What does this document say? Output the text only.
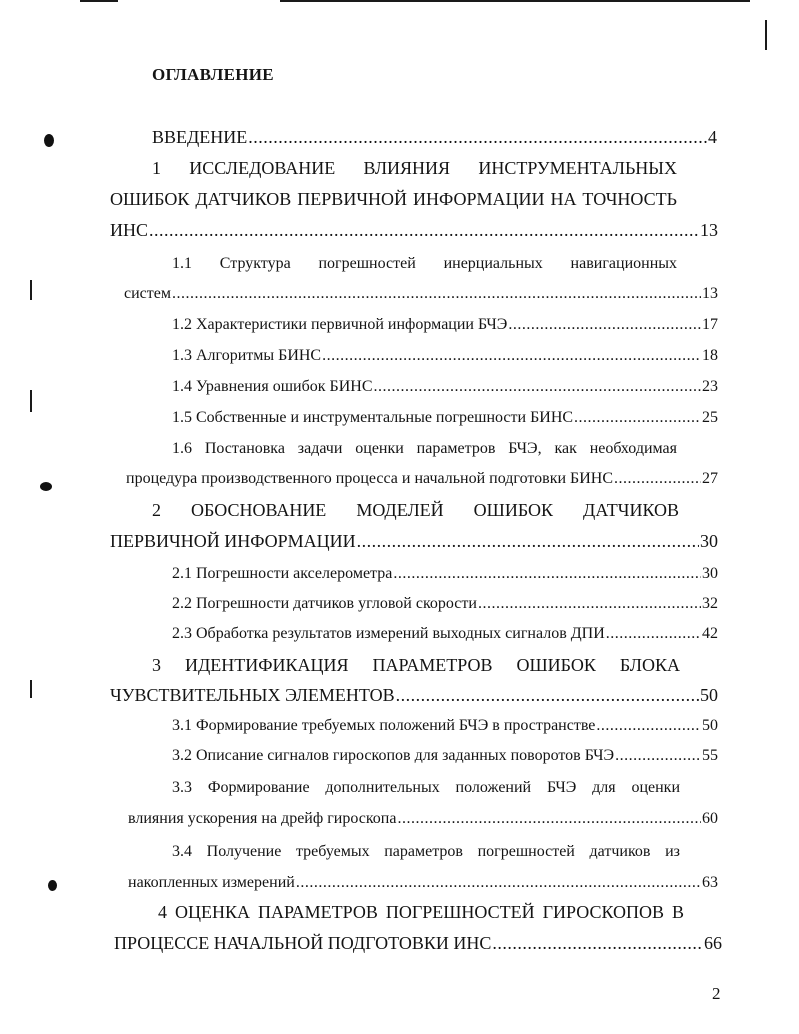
ОГЛАВЛЕНИЕ
ВВЕДЕНИЕ .....	4
1 ИССЛЕДОВАНИЕ ВЛИЯНИЯ ИНСТРУМЕНТАЛЬНЫХ
ОШИБОК ДАТЧИКОВ ПЕРВИЧНОЙ ИНФОРМАЦИИ НА ТОЧНОСТЬ
ИНС .....	13
1.1 Структура погрешностей инерциальных навигационных
систем .....	13
1.2 Характеристики первичной информации БЧЭ .....	17
1.3 Алгоритмы БИНС .....	18
1.4 Уравнения ошибок БИНС .....	23
1.5 Собственные и инструментальные погрешности БИНС .....	25
1.6 Постановка задачи оценки параметров БЧЭ, как необходимая
процедура производственного процесса и начальной подготовки БИНС .....	27
2 ОБОСНОВАНИЕ МОДЕЛЕЙ ОШИБОК ДАТЧИКОВ
ПЕРВИЧНОЙ ИНФОРМАЦИИ .....	30
2.1 Погрешности акселерометра .....	30
2.2 Погрешности датчиков угловой скорости .....	32
2.3 Обработка результатов измерений выходных сигналов ДПИ .....	42
3 ИДЕНТИФИКАЦИЯ ПАРАМЕТРОВ ОШИБОК БЛОКА
ЧУВСТВИТЕЛЬНЫХ ЭЛЕМЕНТОВ .....	50
3.1 Формирование требуемых положений БЧЭ в пространстве .....	50
3.2 Описание сигналов гироскопов для заданных поворотов БЧЭ .....	55
3.3 Формирование дополнительных положений БЧЭ для оценки
влияния ускорения на дрейф гироскопа .....	60
3.4 Получение требуемых параметров погрешностей датчиков из
накопленных измерений .....	63
4 ОЦЕНКА ПАРАМЕТРОВ ПОГРЕШНОСТЕЙ ГИРОСКОПОВ В
ПРОЦЕССЕ НАЧАЛЬНОЙ ПОДГОТОВКИ ИНС .....	66
2
